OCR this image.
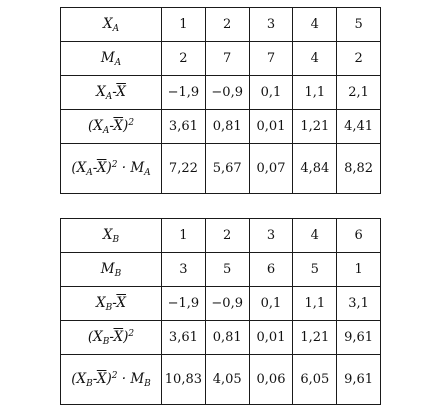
$X_A$	1	2	3	4	5
$M_A$	2	7	7	4	2
$X_A-\overline{X}$	−1,9	−0,9	0,1	1,1	2,1
$(X_A-\overline{X})^2$	3,61	0,81	0,01	1,21	4,41
$(X_A-\overline{X})^2 \cdot M_A$	7,22	5,67	0,07	4,84	8,82
$X_B$	1	2	3	4	6
$M_B$	3	5	6	5	1
$X_B-\overline{X}$	−1,9	−0,9	0,1	1,1	3,1
$(X_B-\overline{X})^2$	3,61	0,81	0,01	1,21	9,61
$(X_B-\overline{X})^2 \cdot M_B$	10,83	4,05	0,06	6,05	9,61
